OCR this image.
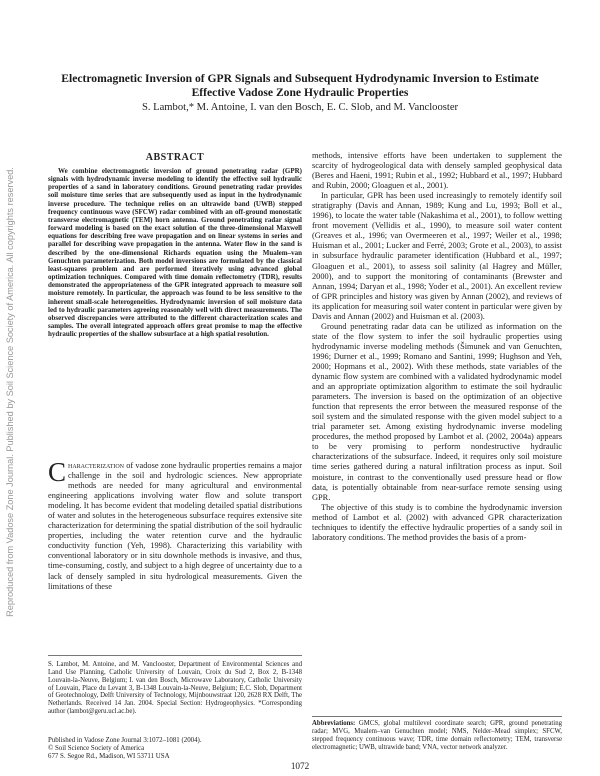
Reproduced from Vadose Zone Journal. Published by Soil Science Society of America. All copyrights reserved.
Electromagnetic Inversion of GPR Signals and Subsequent Hydrodynamic Inversion to Estimate Effective Vadose Zone Hydraulic Properties

S. Lambot,* M. Antoine, I. van den Bosch, E. C. Slob, and M. Vanclooster

ABSTRACT

We combine electromagnetic inversion of ground penetrating radar (GPR) signals with hydrodynamic inverse modeling to identify the effective soil hydraulic properties of a sand in laboratory conditions. Ground penetrating radar provides soil moisture time series that are subsequently used as input in the hydrodynamic inverse procedure. The technique relies on an ultrawide band (UWB) stepped frequency continuous wave (SFCW) radar combined with an off-ground monostatic transverse electromagnetic (TEM) horn antenna. Ground penetrating radar signal forward modeling is based on the exact solution of the three-dimensional Maxwell equations for describing free wave propagation and on linear systems in series and parallel for describing wave propagation in the antenna. Water flow in the sand is described by the one-dimensional Richards equation using the Mualem–van Genuchten parameterization. Both model inversions are formulated by the classical least-squares problem and are performed iteratively using advanced global optimization techniques. Compared with time domain reflectometry (TDR), results demonstrated the appropriateness of the GPR integrated approach to measure soil moisture remotely. In particular, the approach was found to be less sensitive to the inherent small-scale heterogeneities. Hydrodynamic inversion of soil moisture data led to hydraulic parameters agreeing reasonably well with direct measurements. The observed discrepancies were attributed to the different characterization scales and samples. The overall integrated approach offers great promise to map the effective hydraulic properties of the shallow subsurface at a high spatial resolution.

Characterization of vadose zone hydraulic properties remains a major challenge in the soil and hydrologic sciences. New appropriate methods are needed for many agricultural and environmental engineering applications involving water flow and solute transport modeling. It has become evident that modeling detailed spatial distributions of water and solutes in the heterogeneous subsurface requires extensive site characterization for determining the spatial distribution of the soil hydraulic properties, including the water retention curve and the hydraulic conductivity function (Yeh, 1998). Characterizing this variability with conventional laboratory or in situ downhole methods is invasive, and thus, time-consuming, costly, and subject to a high degree of uncertainty due to a lack of densely sampled in situ hydrological measurements. Given the limitations of these

S. Lambot, M. Antoine, and M. Vanclooster, Department of Environmental Sciences and Land Use Planning, Catholic University of Louvain, Croix du Sud 2, Box 2, B-1348 Louvain-la-Neuve, Belgium; I. van den Bosch, Microwave Laboratory, Catholic University of Louvain, Place du Levant 3, B-1348 Louvain-la-Neuve, Belgium; E.C. Slob, Department of Geotechnology, Delft University of Technology, Mijnbouwstraat 120, 2628 RX Delft, The Netherlands. Received 14 Jan. 2004. Special Section: Hydrogeophysics. *Corresponding author (lambot@geru.ucl.ac.be).

Published in Vadose Zone Journal 3:1072–1081 (2004).
© Soil Science Society of America
677 S. Segoe Rd., Madison, WI 53711 USA

methods, intensive efforts have been undertaken to supplement the scarcity of hydrogeological data with densely sampled geophysical data (Beres and Haeni, 1991; Rubin et al., 1992; Hubbard et al., 1997; Hubbard and Rubin, 2000; Gloaguen et al., 2001).

In particular, GPR has been used increasingly to remotely identify soil stratigraphy (Davis and Annan, 1989; Kung and Lu, 1993; Boll et al., 1996), to locate the water table (Nakashima et al., 2001), to follow wetting front movement (Vellidis et al., 1990), to measure soil water content (Greaves et al., 1996; van Overmeeren et al., 1997; Weiler et al., 1998; Huisman et al., 2001; Lucker and Ferré, 2003; Grote et al., 2003), to assist in subsurface hydraulic parameter identification (Hubbard et al., 1997; Gloaguen et al., 2001), to assess soil salinity (al Hagrey and Müller, 2000), and to support the monitoring of contaminants (Brewster and Annan, 1994; Daryan et al., 1998; Yoder et al., 2001). An excellent review of GPR principles and history was given by Annan (2002), and reviews of its application for measuring soil water content in particular were given by Davis and Annan (2002) and Huisman et al. (2003).

Ground penetrating radar data can be utilized as information on the state of the flow system to infer the soil hydraulic properties using hydrodynamic inverse modeling methods (Šimunek and van Genuchten, 1996; Durner et al., 1999; Romano and Santini, 1999; Hughson and Yeh, 2000; Hopmans et al., 2002). With these methods, state variables of the dynamic flow system are combined with a validated hydrodynamic model and an appropriate optimization algorithm to estimate the soil hydraulic parameters. The inversion is based on the optimization of an objective function that represents the error between the measured response of the soil system and the simulated response with the given model subject to a trial parameter set. Among existing hydrodynamic inverse modeling procedures, the method proposed by Lambot et al. (2002, 2004a) appears to be very promising to perform nondestructive hydraulic characterizations of the subsurface. Indeed, it requires only soil moisture time series gathered during a natural infiltration process as input. Soil moisture, in contrast to the conventionally used pressure head or flow data, is potentially obtainable from near-surface remote sensing using GPR.

The objective of this study is to combine the hydrodynamic inversion method of Lambot et al. (2002) with advanced GPR characterization techniques to identify the effective hydraulic properties of a sandy soil in laboratory conditions. The method provides the basis of a prom-

Abbreviations: GMCS, global multilevel coordinate search; GPR, ground penetrating radar; MVG, Mualem–van Genuchten model; NMS, Nelder–Mead simplex; SFCW, stepped frequency continuous wave; TDR, time domain reflectometry; TEM, transverse electromagnetic; UWB, ultrawide band; VNA, vector network analyzer.

1072
